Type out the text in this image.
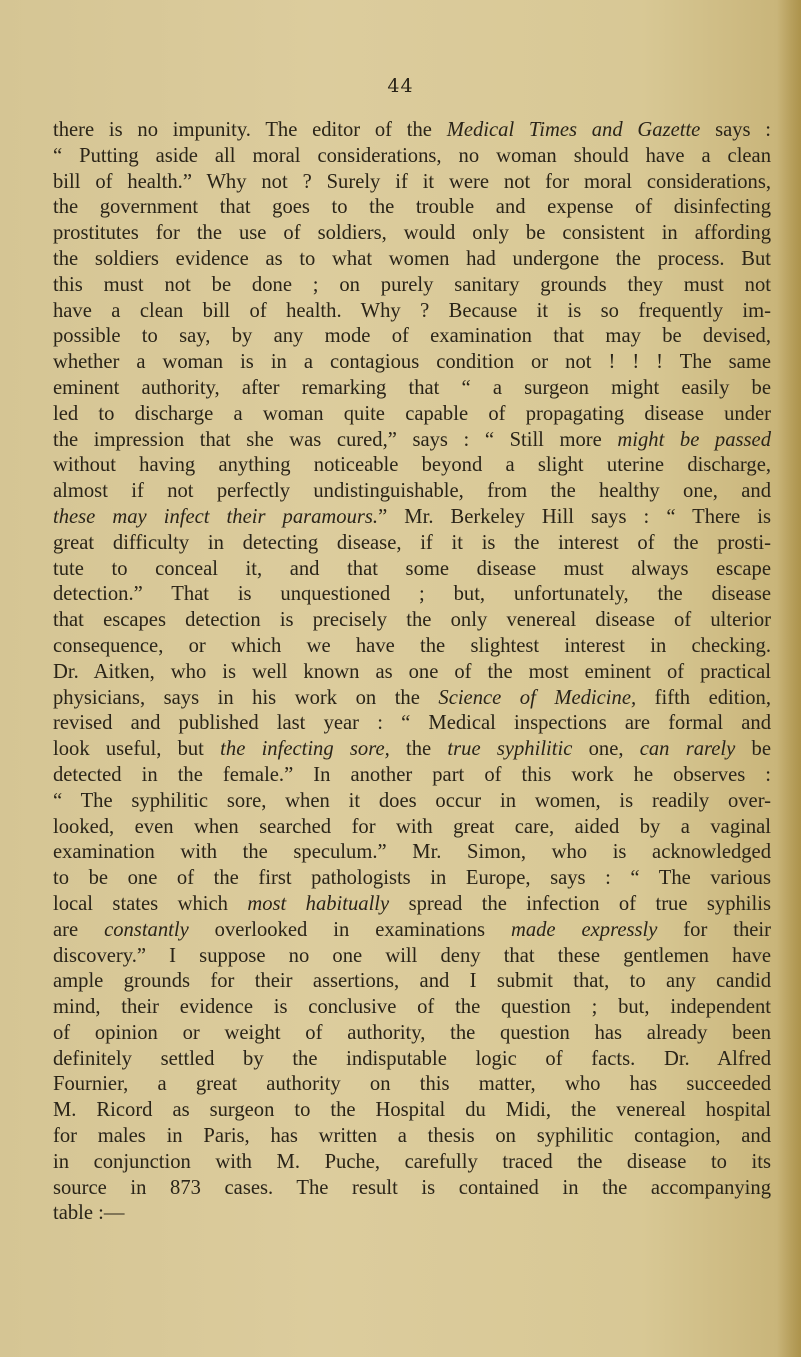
44
there is no impunity. The editor of the Medical Times and Gazette says :
“ Putting aside all moral considerations, no woman should have a clean
bill of health.” Why not ? Surely if it were not for moral considerations,
the government that goes to the trouble and expense of disinfecting
prostitutes for the use of soldiers, would only be consistent in affording
the soldiers evidence as to what women had undergone the process. But
this must not be done ; on purely sanitary grounds they must not
have a clean bill of health. Why ? Because it is so frequently im-
possible to say, by any mode of examination that may be devised,
whether a woman is in a contagious condition or not ! ! ! The same
eminent authority, after remarking that “ a surgeon might easily be
led to discharge a woman quite capable of propagating disease under
the impression that she was cured,” says : “ Still more might be passed
without having anything noticeable beyond a slight uterine discharge,
almost if not perfectly undistinguishable, from the healthy one, and
these may infect their paramours.” Mr. Berkeley Hill says : “ There is
great difficulty in detecting disease, if it is the interest of the prosti-
tute to conceal it, and that some disease must always escape
detection.” That is unquestioned ; but, unfortunately, the disease
that escapes detection is precisely the only venereal disease of ulterior
consequence, or which we have the slightest interest in checking.
Dr. Aitken, who is well known as one of the most eminent of practical
physicians, says in his work on the Science of Medicine, fifth edition,
revised and published last year : “ Medical inspections are formal and
look useful, but the infecting sore, the true syphilitic one, can rarely be
detected in the female.” In another part of this work he observes :
“ The syphilitic sore, when it does occur in women, is readily over-
looked, even when searched for with great care, aided by a vaginal
examination with the speculum.” Mr. Simon, who is acknowledged
to be one of the first pathologists in Europe, says : “ The various
local states which most habitually spread the infection of true syphilis
are constantly overlooked in examinations made expressly for their
discovery.” I suppose no one will deny that these gentlemen have
ample grounds for their assertions, and I submit that, to any candid
mind, their evidence is conclusive of the question ; but, independent
of opinion or weight of authority, the question has already been
definitely settled by the indisputable logic of facts. Dr. Alfred
Fournier, a great authority on this matter, who has succeeded
M. Ricord as surgeon to the Hospital du Midi, the venereal hospital
for males in Paris, has written a thesis on syphilitic contagion, and
in conjunction with M. Puche, carefully traced the disease to its
source in 873 cases. The result is contained in the accompanying
table :—
